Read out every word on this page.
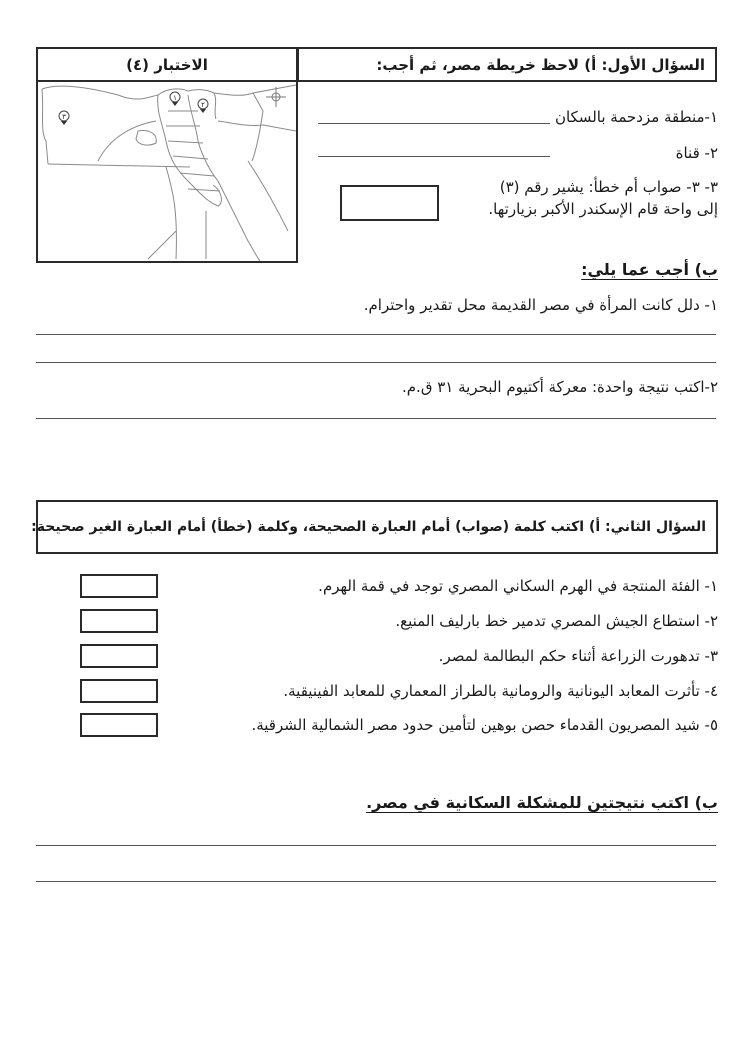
السؤال الأول: أ) لاحظ خريطة مصر، ثم أجب:
الاختبار (٤)
١
٢
٣	١-منطقة مزدحمة بالسكان
٢- قناة
٣- ٣- صواب أم خطأ: يشير رقم (٣)
إلى واحة قام الإسكندر الأكبر بزيارتها.
ب) أجب عما يلي:
١- دلل كانت المرأة في مصر القديمة محل تقدير واحترام.
٢-اكتب نتيجة واحدة: معركة أكتيوم البحرية ٣١ ق.م.
السؤال الثاني: أ) اكتب كلمة (صواب) أمام العبارة الصحيحة، وكلمة (خطأ) أمام العبارة الغير صحيحة:
١- الفئة المنتجة في الهرم السكاني المصري توجد في قمة الهرم.
٢- استطاع الجيش المصري تدمير خط بارليف المنيع.
٣- تدهورت الزراعة أثناء حكم البطالمة لمصر.
٤- تأثرت المعابد اليونانية والرومانية بالطراز المعماري للمعابد الفينيقية.
٥- شيد المصريون القدماء حصن بوهين لتأمين حدود مصر الشمالية الشرقية.
ب) اكتب نتيجتين للمشكلة السكانية في مصر.
